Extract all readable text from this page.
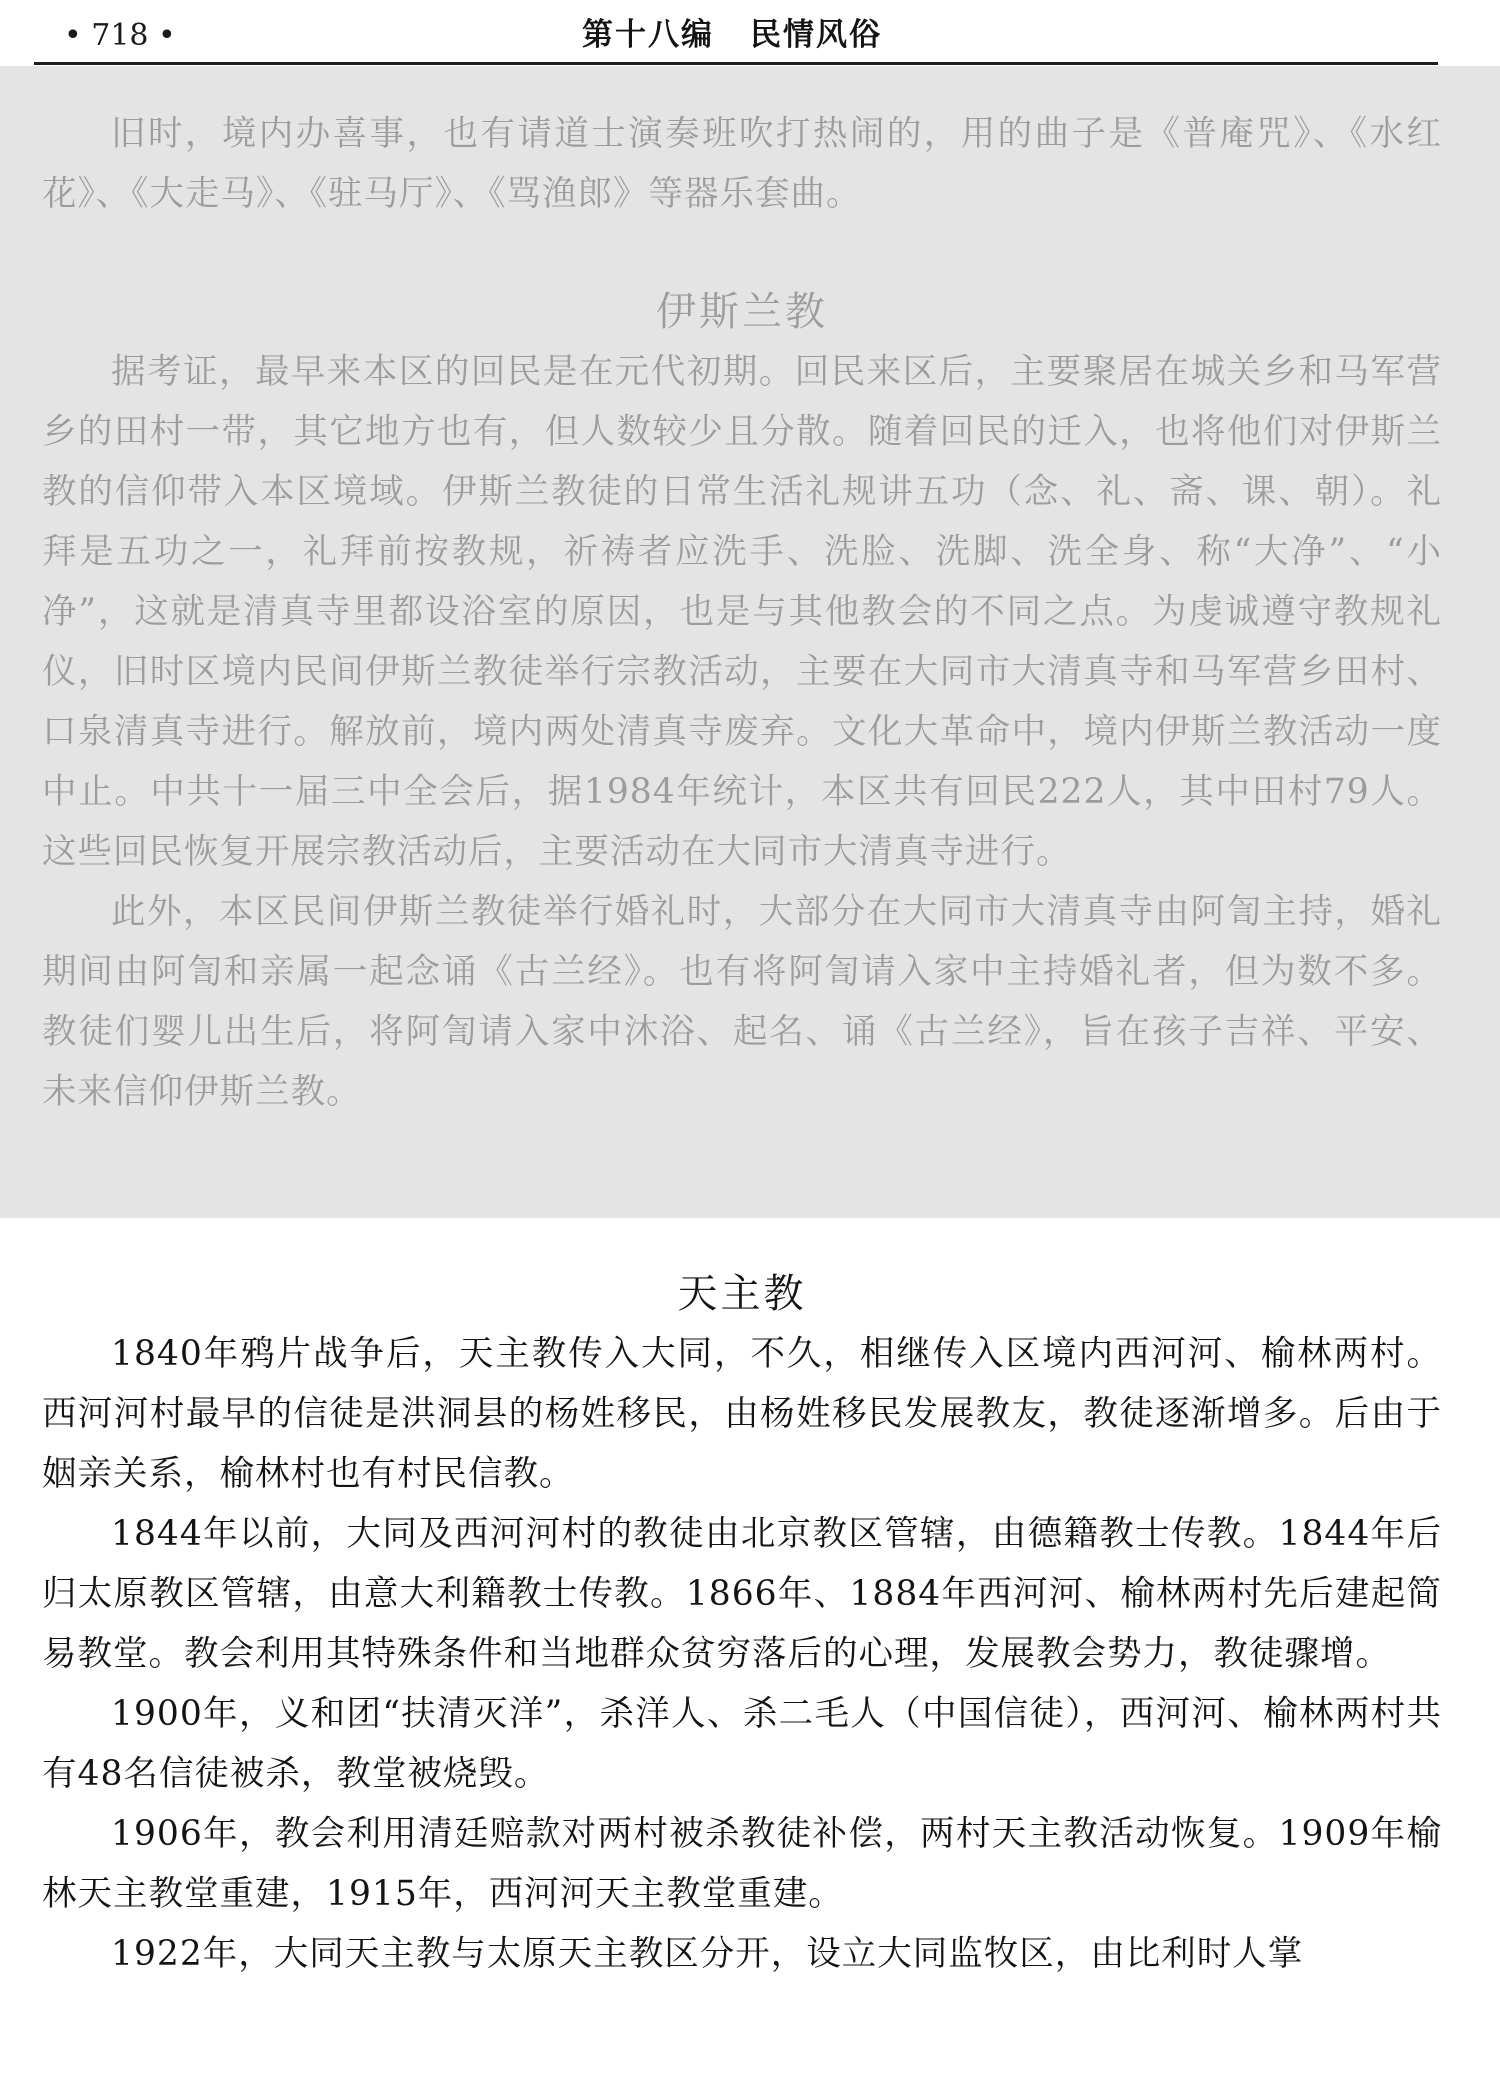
• 718 •	第十八编 民情风俗

旧时，境内办喜事，也有请道士演奏班吹打热闹的，用的曲子是《普庵咒》、《水红花》、《大走马》、《驻马厅》、《骂渔郎》等器乐套曲。

伊斯兰教

据考证，最早来本区的回民是在元代初期。回民来区后，主要聚居在城关乡和马军营乡的田村一带，其它地方也有，但人数较少且分散。随着回民的迁入，也将他们对伊斯兰教的信仰带入本区境域。伊斯兰教徒的日常生活礼规讲五功（念、礼、斋、课、朝）。礼拜是五功之一，礼拜前按教规，祈祷者应洗手、洗脸、洗脚、洗全身、称“大净”、“小净”，这就是清真寺里都设浴室的原因，也是与其他教会的不同之点。为虔诚遵守教规礼仪，旧时区境内民间伊斯兰教徒举行宗教活动，主要在大同市大清真寺和马军营乡田村、口泉清真寺进行。解放前，境内两处清真寺废弃。文化大革命中，境内伊斯兰教活动一度中止。中共十一届三中全会后，据1984年统计，本区共有回民222人，其中田村79人。这些回民恢复开展宗教活动后，主要活动在大同市大清真寺进行。

此外，本区民间伊斯兰教徒举行婚礼时，大部分在大同市大清真寺由阿訇主持，婚礼期间由阿訇和亲属一起念诵《古兰经》。也有将阿訇请入家中主持婚礼者，但为数不多。教徒们婴儿出生后，将阿訇请入家中沐浴、起名、诵《古兰经》，旨在孩子吉祥、平安、未来信仰伊斯兰教。

天主教

1840年鸦片战争后，天主教传入大同，不久，相继传入区境内西河河、榆林两村。西河河村最早的信徒是洪洞县的杨姓移民，由杨姓移民发展教友，教徒逐渐增多。后由于姻亲关系，榆林村也有村民信教。

1844年以前，大同及西河河村的教徒由北京教区管辖，由德籍教士传教。1844年后归太原教区管辖，由意大利籍教士传教。1866年、1884年西河河、榆林两村先后建起简易教堂。教会利用其特殊条件和当地群众贫穷落后的心理，发展教会势力，教徒骤增。

1900年，义和团“扶清灭洋”，杀洋人、杀二毛人（中国信徒），西河河、榆林两村共有48名信徒被杀，教堂被烧毁。

1906年，教会利用清廷赔款对两村被杀教徒补偿，两村天主教活动恢复。1909年榆林天主教堂重建，1915年，西河河天主教堂重建。

1922年，大同天主教与太原天主教区分开，设立大同监牧区，由比利时人掌
